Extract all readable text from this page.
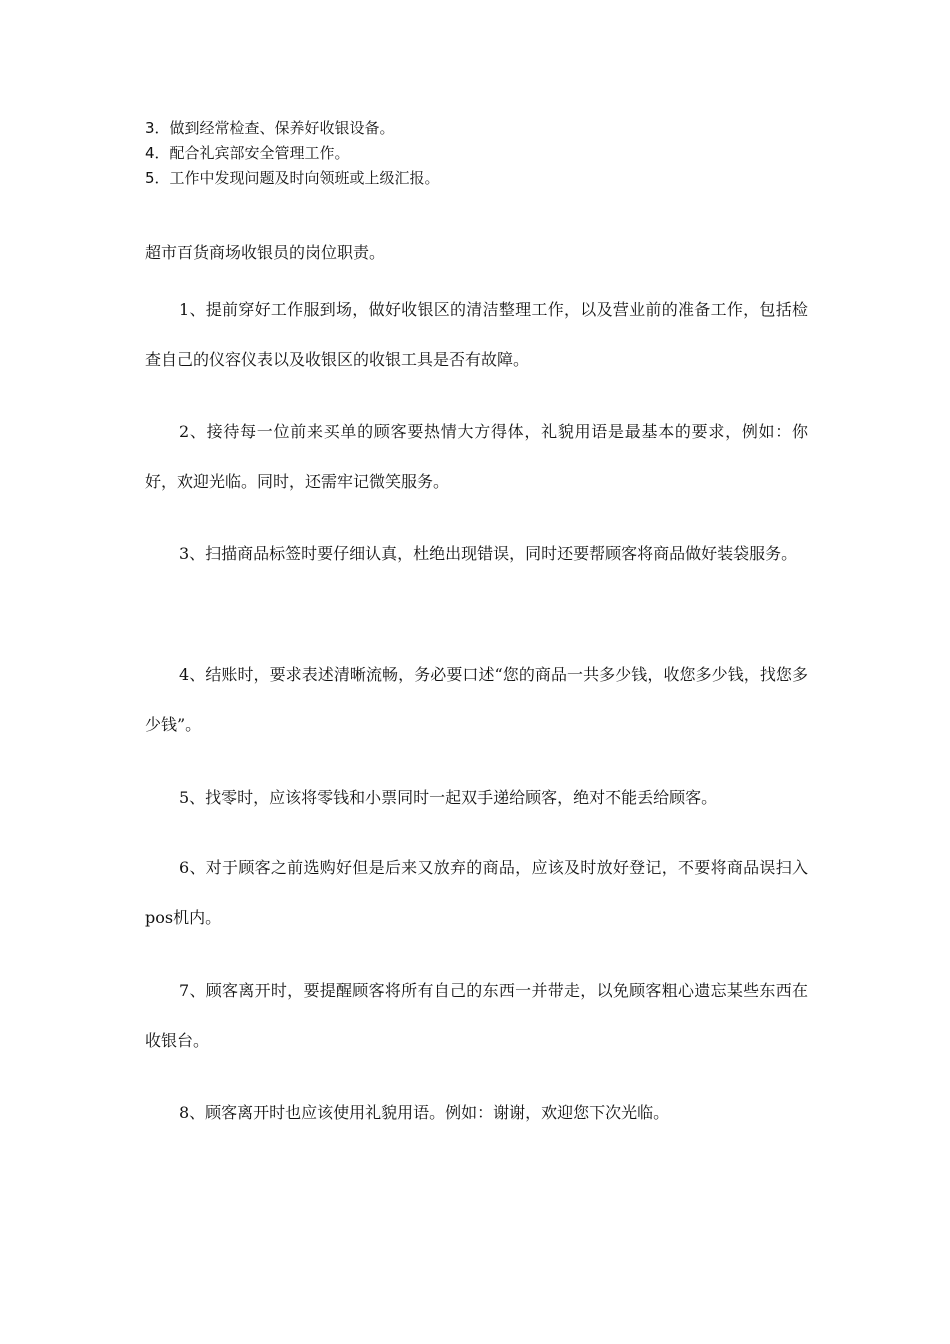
3．做到经常检查、保养好收银设备。
4．配合礼宾部安全管理工作。
5．工作中发现问题及时向领班或上级汇报。
超市百货商场收银员的岗位职责。
1、提前穿好工作服到场，做好收银区的清洁整理工作，以及营业前的准备工作，包括检查自己的仪容仪表以及收银区的收银工具是否有故障。
2、接待每一位前来买单的顾客要热情大方得体，礼貌用语是最基本的要求，例如：你好，欢迎光临。同时，还需牢记微笑服务。
3、扫描商品标签时要仔细认真，杜绝出现错误，同时还要帮顾客将商品做好装袋服务。
4、结账时，要求表述清晰流畅，务必要口述“您的商品一共多少钱，收您多少钱，找您多少钱”。
5、找零时，应该将零钱和小票同时一起双手递给顾客，绝对不能丢给顾客。
6、对于顾客之前选购好但是后来又放弃的商品，应该及时放好登记，不要将商品误扫入pos机内。
7、顾客离开时，要提醒顾客将所有自己的东西一并带走，以免顾客粗心遗忘某些东西在收银台。
8、顾客离开时也应该使用礼貌用语。例如：谢谢，欢迎您下次光临。
